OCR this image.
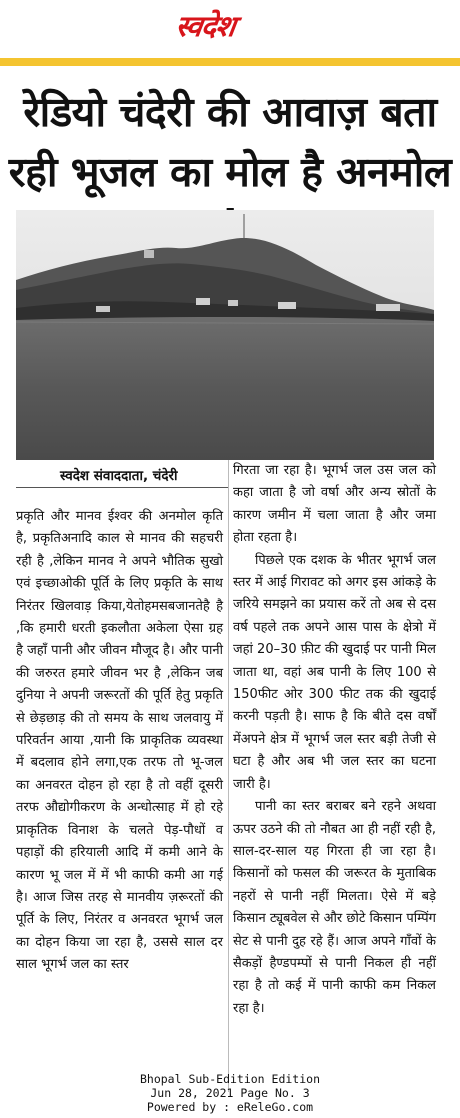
स्वदेश
रेडियो चंदेरी की आवाज़ बता
रही भूजल का मोल है अनमोल
स्वदेश संवाददाता, चंदेरी

प्रकृति और मानव ईश्वर की अनमोल कृति है, प्रकृतिअनादि काल से मानव की सहचरी रही है ,लेकिन मानव ने अपने भौतिक सुखो एवं इच्छाओकी पूर्ति के लिए प्रकृति के साथ निरंतर खिलवाड़ किया,येतोहमसबजानतेहै है ,कि हमारी धरती इकलौता अकेला ऐसा ग्रह है जहाँ पानी और जीवन मौजूद है। और पानी की जरुरत हमारे जीवन भर है ,लेकिन जब दुनिया ने अपनी जरूरतों की पूर्ति हेतु प्रकृति से छेड़छाड़ की तो समय के साथ जलवायु में परिवर्तन आया ,यानी कि प्राकृतिक व्यवस्था में बदलाव होने लगा,एक तरफ तो भू-जल का अनवरत दोहन हो रहा है तो वहीं दूसरी तरफ औद्योगीकरण के अन्धोत्साह में हो रहे प्राकृतिक विनाश के चलते पेड़-पौधों व पहाड़ों की हरियाली आदि में कमी आने के कारण भू जल में में भी काफी कमी आ गई है। आज जिस तरह से मानवीय ज़रूरतों की पूर्ति के लिए, निरंतर व अनवरत भूगर्भ जल का दोहन किया जा रहा है, उससे साल दर साल भूगर्भ जल का स्तर

गिरता जा रहा है। भूगर्भ जल उस जल को कहा जाता है जो वर्षा और अन्य स्रोतों के कारण जमीन में चला जाता है और जमा होता रहता है।

पिछले एक दशक के भीतर भूगर्भ जल स्तर में आई गिरावट को अगर इस आंकड़े के जरिये समझने का प्रयास करें तो अब से दस वर्ष पहले तक अपने आस पास के क्षेत्रो में जहां 20–30 फ़ीट की खुदाई पर पानी मिल जाता था, वहां अब पानी के लिए 100 से 150फीट ओर 300 फीट तक की खुदाई करनी पड़ती है। साफ है कि बीते दस वर्षों मेंअपने क्षेत्र में भूगर्भ जल स्तर बड़ी तेजी से घटा है और अब भी जल स्तर का घटना जारी है।

पानी का स्तर बराबर बने रहने अथवा ऊपर उठने की तो नौबत आ ही नहीं रही है, साल-दर-साल यह गिरता ही जा रहा है। किसानों को फसल की जरूरत के मुताबिक नहरों से पानी नहीं मिलता। ऐसे में बड़े किसान ट्यूबवेल से और छोटे किसान पम्पिंग सेट से पानी दुह रहे हैं। आज अपने गाँवों के सैकड़ों हैण्डपम्पों से पानी निकल ही नहीं रहा है तो कई में पानी काफी कम निकल रहा है।

Bhopal Sub-Edition Edition
Jun 28, 2021 Page No. 3
Powered by : eReleGo.com
